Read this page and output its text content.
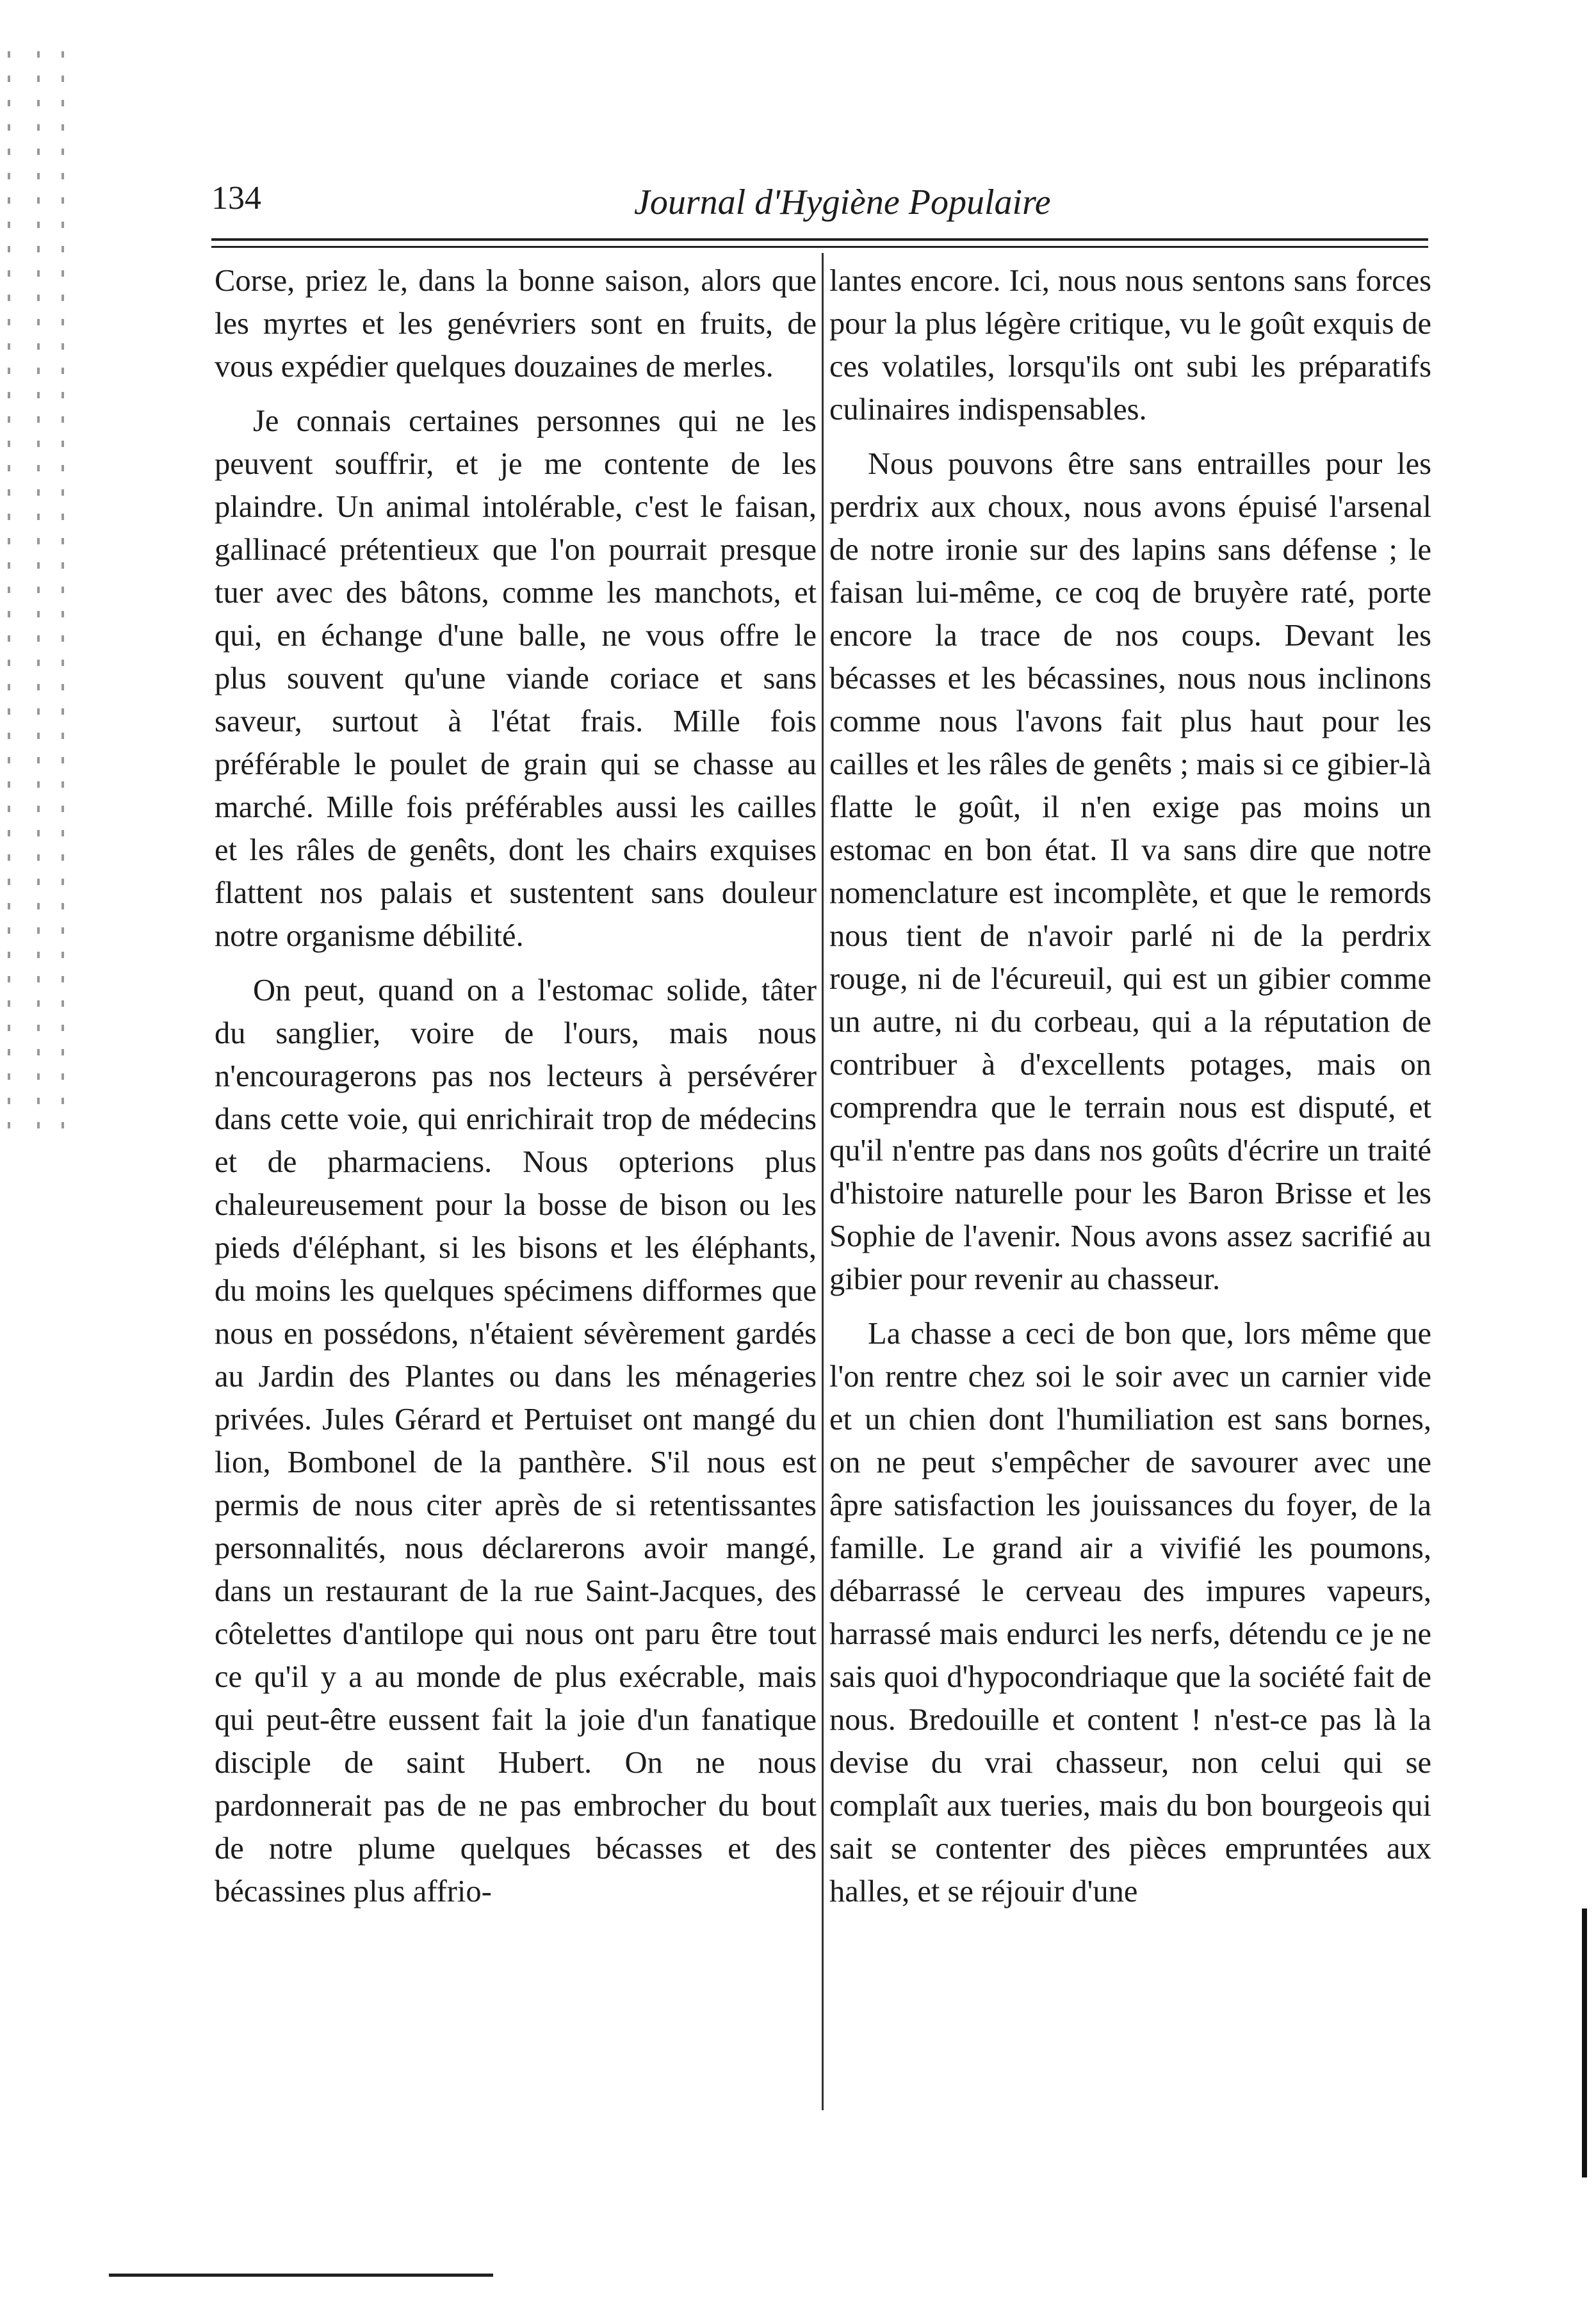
134	Journal d'Hygiène Populaire

Corse, priez le, dans la bonne saison, alors que les myrtes et les genévriers sont en fruits, de vous expédier quelques douzaines de merles.

Je connais certaines personnes qui ne les peuvent souffrir, et je me contente de les plaindre. Un animal intolérable, c'est le faisan, gallinacé prétentieux que l'on pourrait presque tuer avec des bâtons, comme les manchots, et qui, en échange d'une balle, ne vous offre le plus souvent qu'une viande coriace et sans saveur, surtout à l'état frais. Mille fois préférable le poulet de grain qui se chasse au marché. Mille fois préférables aussi les cailles et les râles de genêts, dont les chairs exquises flattent nos palais et sustentent sans douleur notre organisme débilité.

On peut, quand on a l'estomac solide, tâter du sanglier, voire de l'ours, mais nous n'encouragerons pas nos lecteurs à persévérer dans cette voie, qui enrichirait trop de médecins et de pharmaciens. Nous opterions plus chaleureusement pour la bosse de bison ou les pieds d'éléphant, si les bisons et les éléphants, du moins les quelques spécimens difformes que nous en possédons, n'étaient sévèrement gardés au Jardin des Plantes ou dans les ménageries privées. Jules Gérard et Pertuiset ont mangé du lion, Bombonel de la panthère. S'il nous est permis de nous citer après de si retentissantes personnalités, nous déclarerons avoir mangé, dans un restaurant de la rue Saint-Jacques, des côtelettes d'antilope qui nous ont paru être tout ce qu'il y a au monde de plus exécrable, mais qui peut-être eussent fait la joie d'un fanatique disciple de saint Hubert. On ne nous pardonnerait pas de ne pas embrocher du bout de notre plume quelques bécasses et des bécassines plus affrio-

lantes encore. Ici, nous nous sentons sans forces pour la plus légère critique, vu le goût exquis de ces volatiles, lorsqu'ils ont subi les préparatifs culinaires indispensables.

Nous pouvons être sans entrailles pour les perdrix aux choux, nous avons épuisé l'arsenal de notre ironie sur des lapins sans défense ; le faisan lui-même, ce coq de bruyère raté, porte encore la trace de nos coups. Devant les bécasses et les bécassines, nous nous inclinons comme nous l'avons fait plus haut pour les cailles et les râles de genêts ; mais si ce gibier-là flatte le goût, il n'en exige pas moins un estomac en bon état. Il va sans dire que notre nomenclature est incomplète, et que le remords nous tient de n'avoir parlé ni de la perdrix rouge, ni de l'écureuil, qui est un gibier comme un autre, ni du corbeau, qui a la réputation de contribuer à d'excellents potages, mais on comprendra que le terrain nous est disputé, et qu'il n'entre pas dans nos goûts d'écrire un traité d'histoire naturelle pour les Baron Brisse et les Sophie de l'avenir. Nous avons assez sacrifié au gibier pour revenir au chasseur.

La chasse a ceci de bon que, lors même que l'on rentre chez soi le soir avec un carnier vide et un chien dont l'humiliation est sans bornes, on ne peut s'empêcher de savourer avec une âpre satisfaction les jouissances du foyer, de la famille. Le grand air a vivifié les poumons, débarrassé le cerveau des impures vapeurs, harrassé mais endurci les nerfs, détendu ce je ne sais quoi d'hypocondriaque que la société fait de nous. Bredouille et content ! n'est-ce pas là la devise du vrai chasseur, non celui qui se complaît aux tueries, mais du bon bourgeois qui sait se contenter des pièces empruntées aux halles, et se réjouir d'une
